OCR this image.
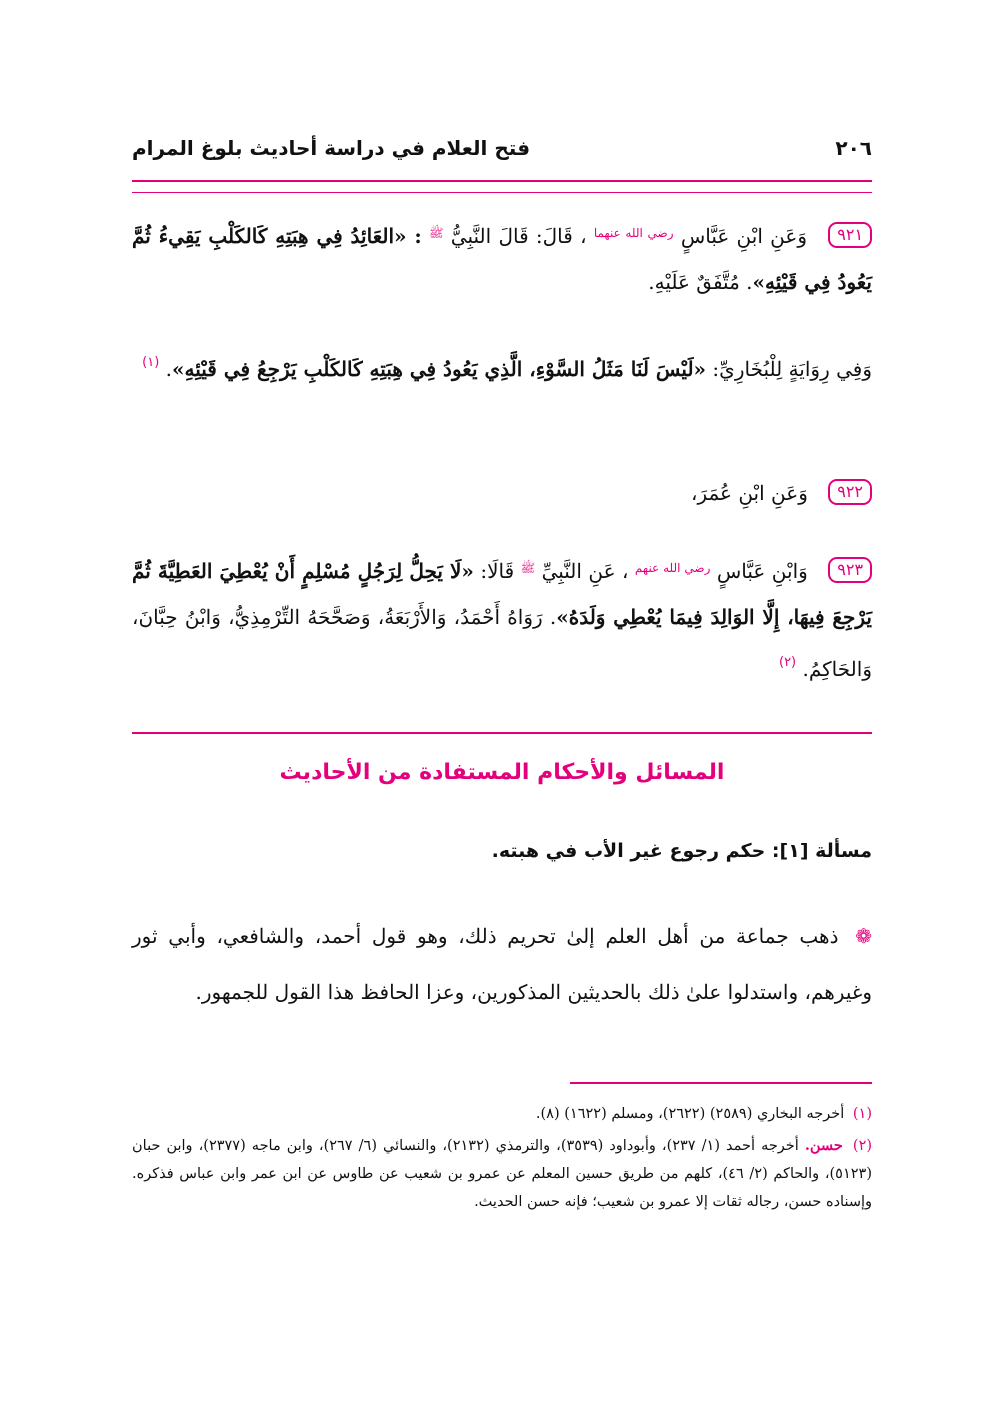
٢٠٦
فتح العلام في دراسة أحاديث بلوغ المرام

٩٢١ وَعَنِ ابْنِ عَبَّاسٍ $^{رضي الله عنهما}$ ، قَالَ: قَالَ النَّبِيُّ $^ﷺ$ : «العَائِدُ فِي هِبَتِهِ كَالكَلْبِ يَقِيءُ ثُمَّ يَعُودُ فِي قَيْئِهِ». مُتَّفَقٌ عَلَيْهِ.

وَفِي رِوَايَةٍ لِلْبُخَارِيِّ: «لَيْسَ لَنَا مَثَلُ السَّوْءِ، الَّذِي يَعُودُ فِي هِبَتِهِ كَالكَلْبِ يَرْجِعُ فِي قَيْئِهِ». $^{(١)}$

٩٢٢ وَعَنِ ابْنِ عُمَرَ،

٩٢٣ وَابْنِ عَبَّاسٍ $^{رضي الله عنهم}$ ، عَنِ النَّبِيِّ $^ﷺ$ قَالَا: «لَا يَحِلُّ لِرَجُلٍ مُسْلِمٍ أَنْ يُعْطِيَ العَطِيَّةَ ثُمَّ يَرْجِعَ فِيهَا، إِلَّا الوَالِدَ فِيمَا يُعْطِي وَلَدَهُ». رَوَاهُ أَحْمَدُ، وَالأَرْبَعَةُ، وَصَحَّحَهُ التِّرْمِذِيُّ، وَابْنُ حِبَّانَ، وَالحَاكِمُ. $^{(٢)}$

المسائل والأحكام المستفادة من الأحاديث
مسألة [١]: حكم رجوع غير الأب في هبته.

❁ ذهب جماعة من أهل العلم إلىٰ تحريم ذلك، وهو قول أحمد، والشافعي، وأبي ثور وغيرهم، واستدلوا علىٰ ذلك بالحديثين المذكورين، وعزا الحافظ هذا القول للجمهور.

(١) أخرجه البخاري (٢٥٨٩) (٢٦٢٢)، ومسلم (١٦٢٢) (٨).

(٢) حسن. أخرجه أحمد (١/ ٢٣٧)، وأبوداود (٣٥٣٩)، والترمذي (٢١٣٢)، والنسائي (٦/ ٢٦٧)، وابن ماجه (٢٣٧٧)، وابن حبان (٥١٢٣)، والحاكم (٢/ ٤٦)، كلهم من طريق حسين المعلم عن عمرو بن شعيب عن طاوس عن ابن عمر وابن عباس فذكره. وإسناده حسن، رجاله ثقات إلا عمرو بن شعيب؛ فإنه حسن الحديث.
